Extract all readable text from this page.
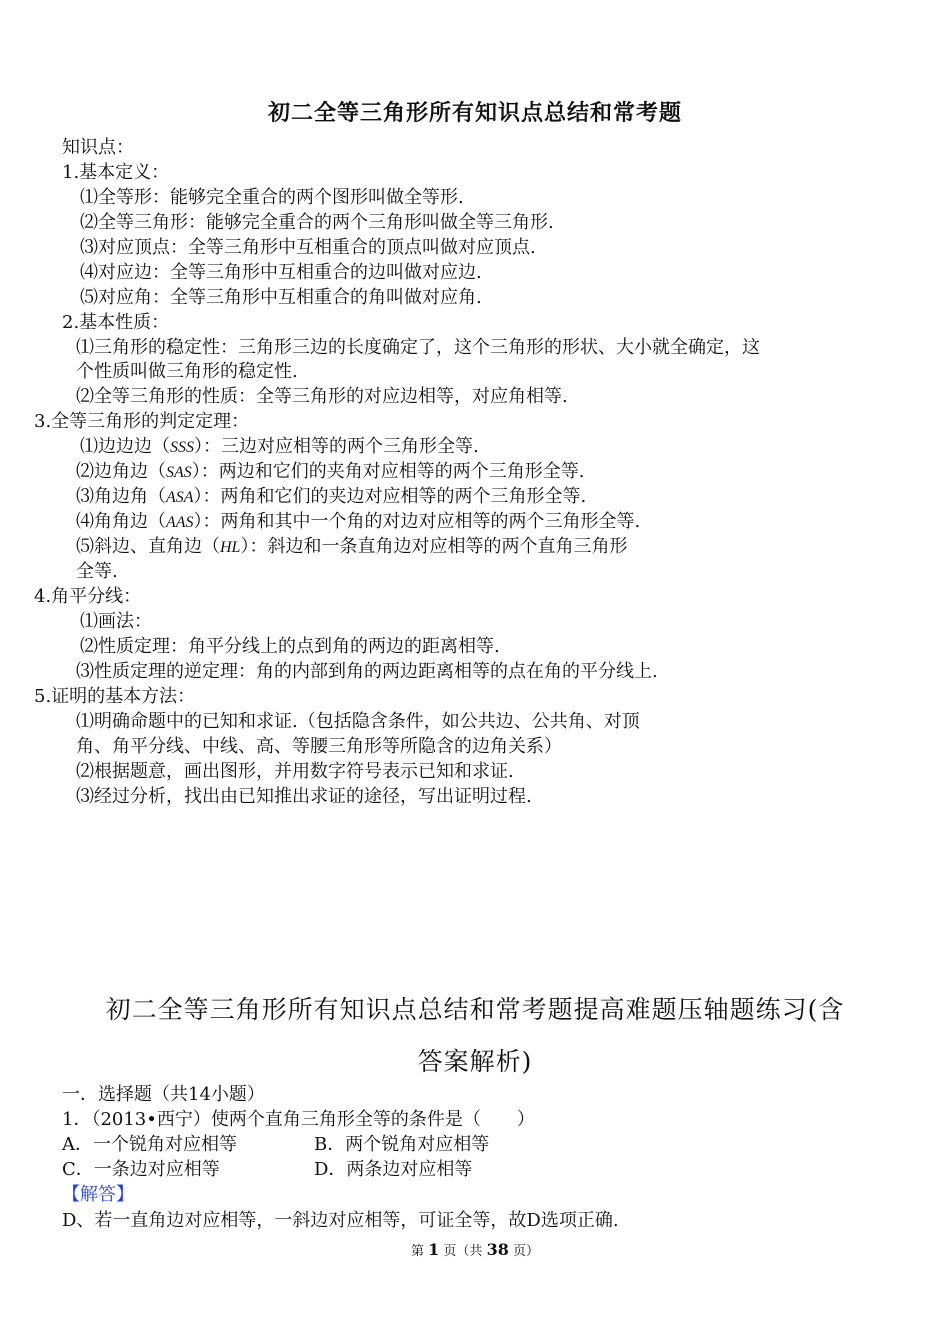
初二全等三角形所有知识点总结和常考题
知识点：
1.基本定义：
⑴全等形：能够完全重合的两个图形叫做全等形.
⑵全等三角形：能够完全重合的两个三角形叫做全等三角形.
⑶对应顶点：全等三角形中互相重合的顶点叫做对应顶点.
⑷对应边：全等三角形中互相重合的边叫做对应边.
⑸对应角：全等三角形中互相重合的角叫做对应角.
2.基本性质：
⑴三角形的稳定性：三角形三边的长度确定了，这个三角形的形状、大小就全确定，这
个性质叫做三角形的稳定性.
⑵全等三角形的性质：全等三角形的对应边相等，对应角相等.
3.全等三角形的判定定理：
⑴边边边（SSS）：三边对应相等的两个三角形全等.
⑵边角边（SAS）：两边和它们的夹角对应相等的两个三角形全等.
⑶角边角（ASA）：两角和它们的夹边对应相等的两个三角形全等.
⑷角角边（AAS）：两角和其中一个角的对边对应相等的两个三角形全等.
⑸斜边、直角边（HL）：斜边和一条直角边对应相等的两个直角三角形
全等.
4.角平分线：
⑴画法：
⑵性质定理：角平分线上的点到角的两边的距离相等.
⑶性质定理的逆定理：角的内部到角的两边距离相等的点在角的平分线上.
5.证明的基本方法：
⑴明确命题中的已知和求证.（包括隐含条件，如公共边、公共角、对顶
角、角平分线、中线、高、等腰三角形等所隐含的边角关系）
⑵根据题意，画出图形，并用数字符号表示已知和求证.
⑶经过分析，找出由已知推出求证的途径，写出证明过程.
初二全等三角形所有知识点总结和常考题提高难题压轴题练习(含
答案解析)
一．选择题（共14小题）
1．（2013•西宁）使两个直角三角形全等的条件是（　　）
A．一个锐角对应相等	B．两个锐角对应相等
C．一条边对应相等	D．两条边对应相等
【解答】
D、若一直角边对应相等，一斜边对应相等，可证全等，故D选项正确.
第 1 页（共 38 页）
